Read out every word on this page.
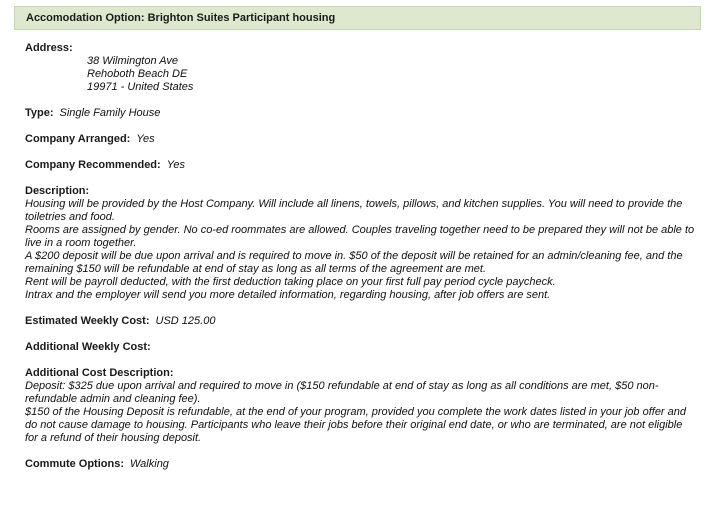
Accomodation Option: Brighton Suites Participant housing
Address:
38 Wilmington Ave
Rehoboth Beach DE
19971 - United States
Type: Single Family House
Company Arranged: Yes
Company Recommended: Yes
Description:

Housing will be provided by the Host Company. Will include all linens, towels, pillows, and kitchen supplies. You will need to provide the toiletries and food.

Rooms are assigned by gender. No co-ed roommates are allowed. Couples traveling together need to be prepared they will not be able to live in a room together.

A $200 deposit will be due upon arrival and is required to move in. $50 of the deposit will be retained for an admin/cleaning fee, and the remaining $150 will be refundable at end of stay as long as all terms of the agreement are met.

Rent will be payroll deducted, with the first deduction taking place on your first full pay period cycle paycheck.

Intrax and the employer will send you more detailed information, regarding housing, after job offers are sent.

Estimated Weekly Cost: USD 125.00
Additional Weekly Cost:
Additional Cost Description:

Deposit: $325 due upon arrival and required to move in ($150 refundable at end of stay as long as all conditions are met, $50 non-refundable admin and cleaning fee).

$150 of the Housing Deposit is refundable, at the end of your program, provided you complete the work dates listed in your job offer and do not cause damage to housing. Participants who leave their jobs before their original end date, or who are terminated, are not eligible for a refund of their housing deposit.

Commute Options: Walking
